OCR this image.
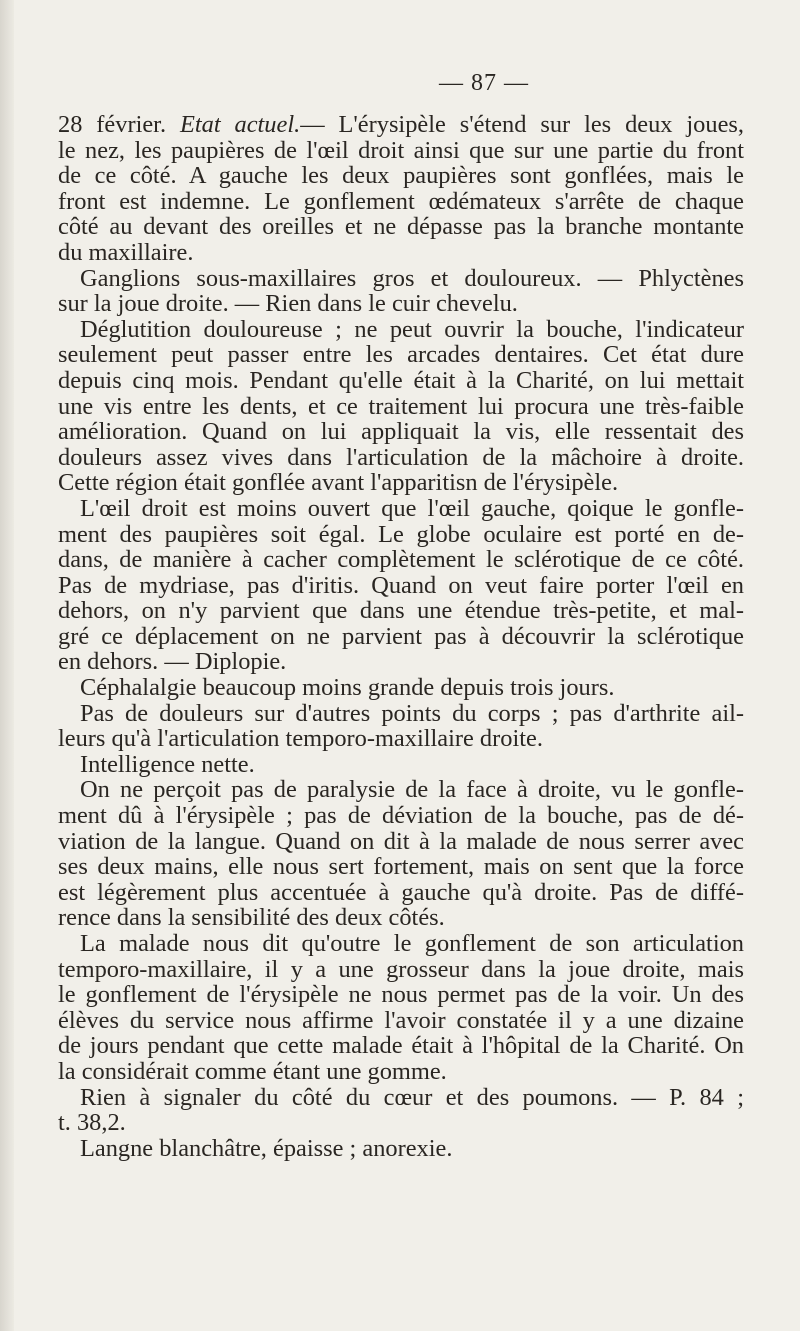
— 87 —
28 février. Etat actuel.— L'érysipèle s'étend sur les deux joues,
le nez, les paupières de l'œil droit ainsi que sur une partie du front
de ce côté. A gauche les deux paupières sont gonflées, mais le
front est indemne. Le gonflement œdémateux s'arrête de chaque
côté au devant des oreilles et ne dépasse pas la branche montante
du maxillaire.
Ganglions sous-maxillaires gros et douloureux. — Phlyctènes
sur la joue droite. — Rien dans le cuir chevelu.
Déglutition douloureuse ; ne peut ouvrir la bouche, l'indicateur
seulement peut passer entre les arcades dentaires. Cet état dure
depuis cinq mois. Pendant qu'elle était à la Charité, on lui mettait
une vis entre les dents, et ce traitement lui procura une très-faible
amélioration. Quand on lui appliquait la vis, elle ressentait des
douleurs assez vives dans l'articulation de la mâchoire à droite.
Cette région était gonflée avant l'apparitisn de l'érysipèle.
L'œil droit est moins ouvert que l'œil gauche, qoique le gonfle-
ment des paupières soit égal. Le globe oculaire est porté en de-
dans, de manière à cacher complètement le sclérotique de ce côté.
Pas de mydriase, pas d'iritis. Quand on veut faire porter l'œil en
dehors, on n'y parvient que dans une étendue très-petite, et mal-
gré ce déplacement on ne parvient pas à découvrir la sclérotique
en dehors. — Diplopie.
Céphalalgie beaucoup moins grande depuis trois jours.
Pas de douleurs sur d'autres points du corps ; pas d'arthrite ail-
leurs qu'à l'articulation temporo-maxillaire droite.
Intelligence nette.
On ne perçoit pas de paralysie de la face à droite, vu le gonfle-
ment dû à l'érysipèle ; pas de déviation de la bouche, pas de dé-
viation de la langue. Quand on dit à la malade de nous serrer avec
ses deux mains, elle nous sert fortement, mais on sent que la force
est légèrement plus accentuée à gauche qu'à droite. Pas de diffé-
rence dans la sensibilité des deux côtés.
La malade nous dit qu'outre le gonflement de son articulation
temporo-maxillaire, il y a une grosseur dans la joue droite, mais
le gonflement de l'érysipèle ne nous permet pas de la voir. Un des
élèves du service nous affirme l'avoir constatée il y a une dizaine
de jours pendant que cette malade était à l'hôpital de la Charité. On
la considérait comme étant une gomme.
Rien à signaler du côté du cœur et des poumons. — P. 84 ;
t. 38,2.
Langne blanchâtre, épaisse ; anorexie.
